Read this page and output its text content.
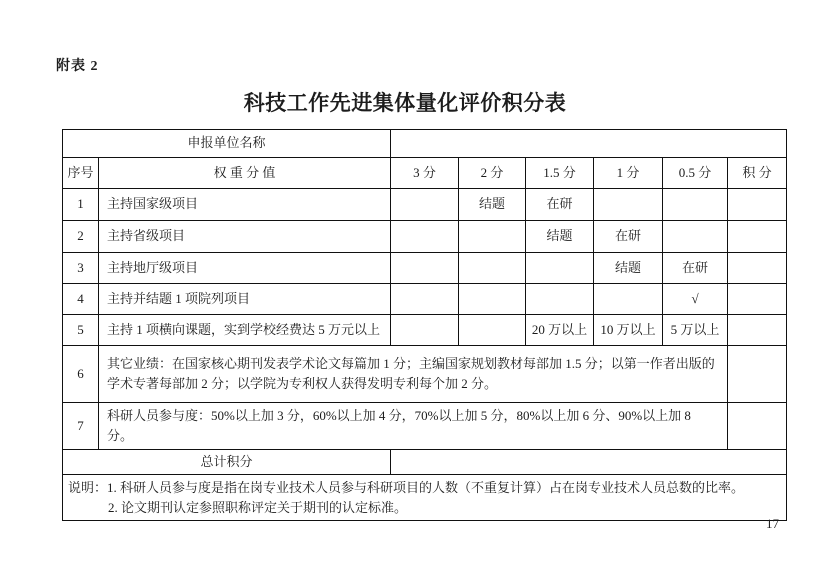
附表 2
科技工作先进集体量化评价积分表
申报单位名称							
序号	权 重 分 值	3 分	2 分	1.5 分	1 分	0.5 分	积 分
1	主持国家级项目		结题	在研			
2	主持省级项目			结题	在研		
3	主持地厅级项目				结题	在研	
4	主持并结题 1 项院列项目					√	
5	主持 1 项横向课题，实到学校经费达 5 万元以上			20 万以上	10 万以上	5 万以上	
6	其它业绩：在国家核心期刊发表学术论文每篇加 1 分；主编国家规划教材每部加 1.5 分；以第一作者出版的学术专著每部加 2 分；以学院为专利权人获得发明专利每个加 2 分。						
7	科研人员参与度：50%以上加 3 分，60%以上加 4 分，70%以上加 5 分，80%以上加 6 分、90%以上加 8 分。						
总计积分							

说明：1. 科研人员参与度是指在岗专业技术人员参与科研项目的人数（不重复计算）占在岗专业技术人员总数的比率。
2. 论文期刊认定参照职称评定关于期刊的认定标准。							
17
